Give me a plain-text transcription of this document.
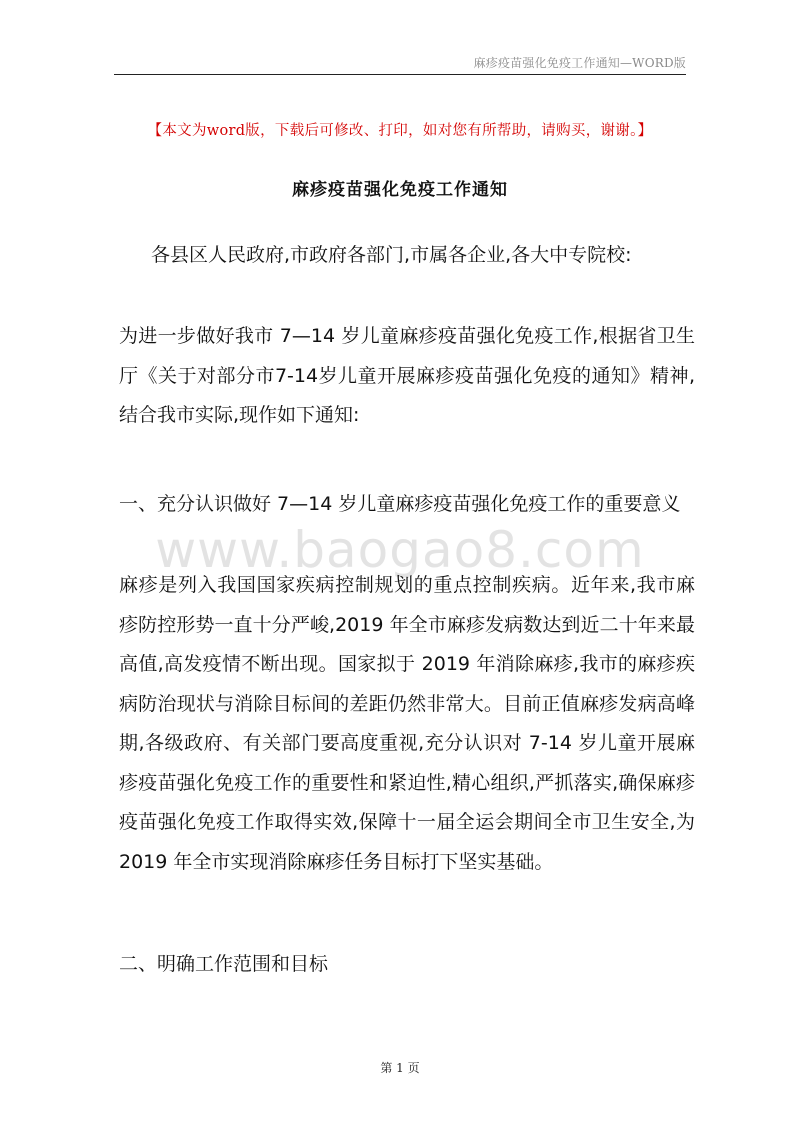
麻疹疫苗强化免疫工作通知—WORD版
【本文为word版，下载后可修改、打印，如对您有所帮助，请购买，谢谢。】
麻疹疫苗强化免疫工作通知

各县区人民政府,市政府各部门,市属各企业,各大中专院校:

为进一步做好我市 7—14 岁儿童麻疹疫苗强化免疫工作,根据省卫生厅《关于对部分市7-14岁儿童开展麻疹疫苗强化免疫的通知》精神,结合我市实际,现作如下通知:

一、充分认识做好 7—14 岁儿童麻疹疫苗强化免疫工作的重要意义

www.baogao8.com

麻疹是列入我国国家疾病控制规划的重点控制疾病。近年来,我市麻疹防控形势一直十分严峻,2019 年全市麻疹发病数达到近二十年来最高值,高发疫情不断出现。国家拟于 2019 年消除麻疹,我市的麻疹疾病防治现状与消除目标间的差距仍然非常大。目前正值麻疹发病高峰期,各级政府、有关部门要高度重视,充分认识对 7-14 岁儿童开展麻疹疫苗强化免疫工作的重要性和紧迫性,精心组织,严抓落实,确保麻疹疫苗强化免疫工作取得实效,保障十一届全运会期间全市卫生安全,为 2019 年全市实现消除麻疹任务目标打下坚实基础。

二、明确工作范围和目标

第 1 页
